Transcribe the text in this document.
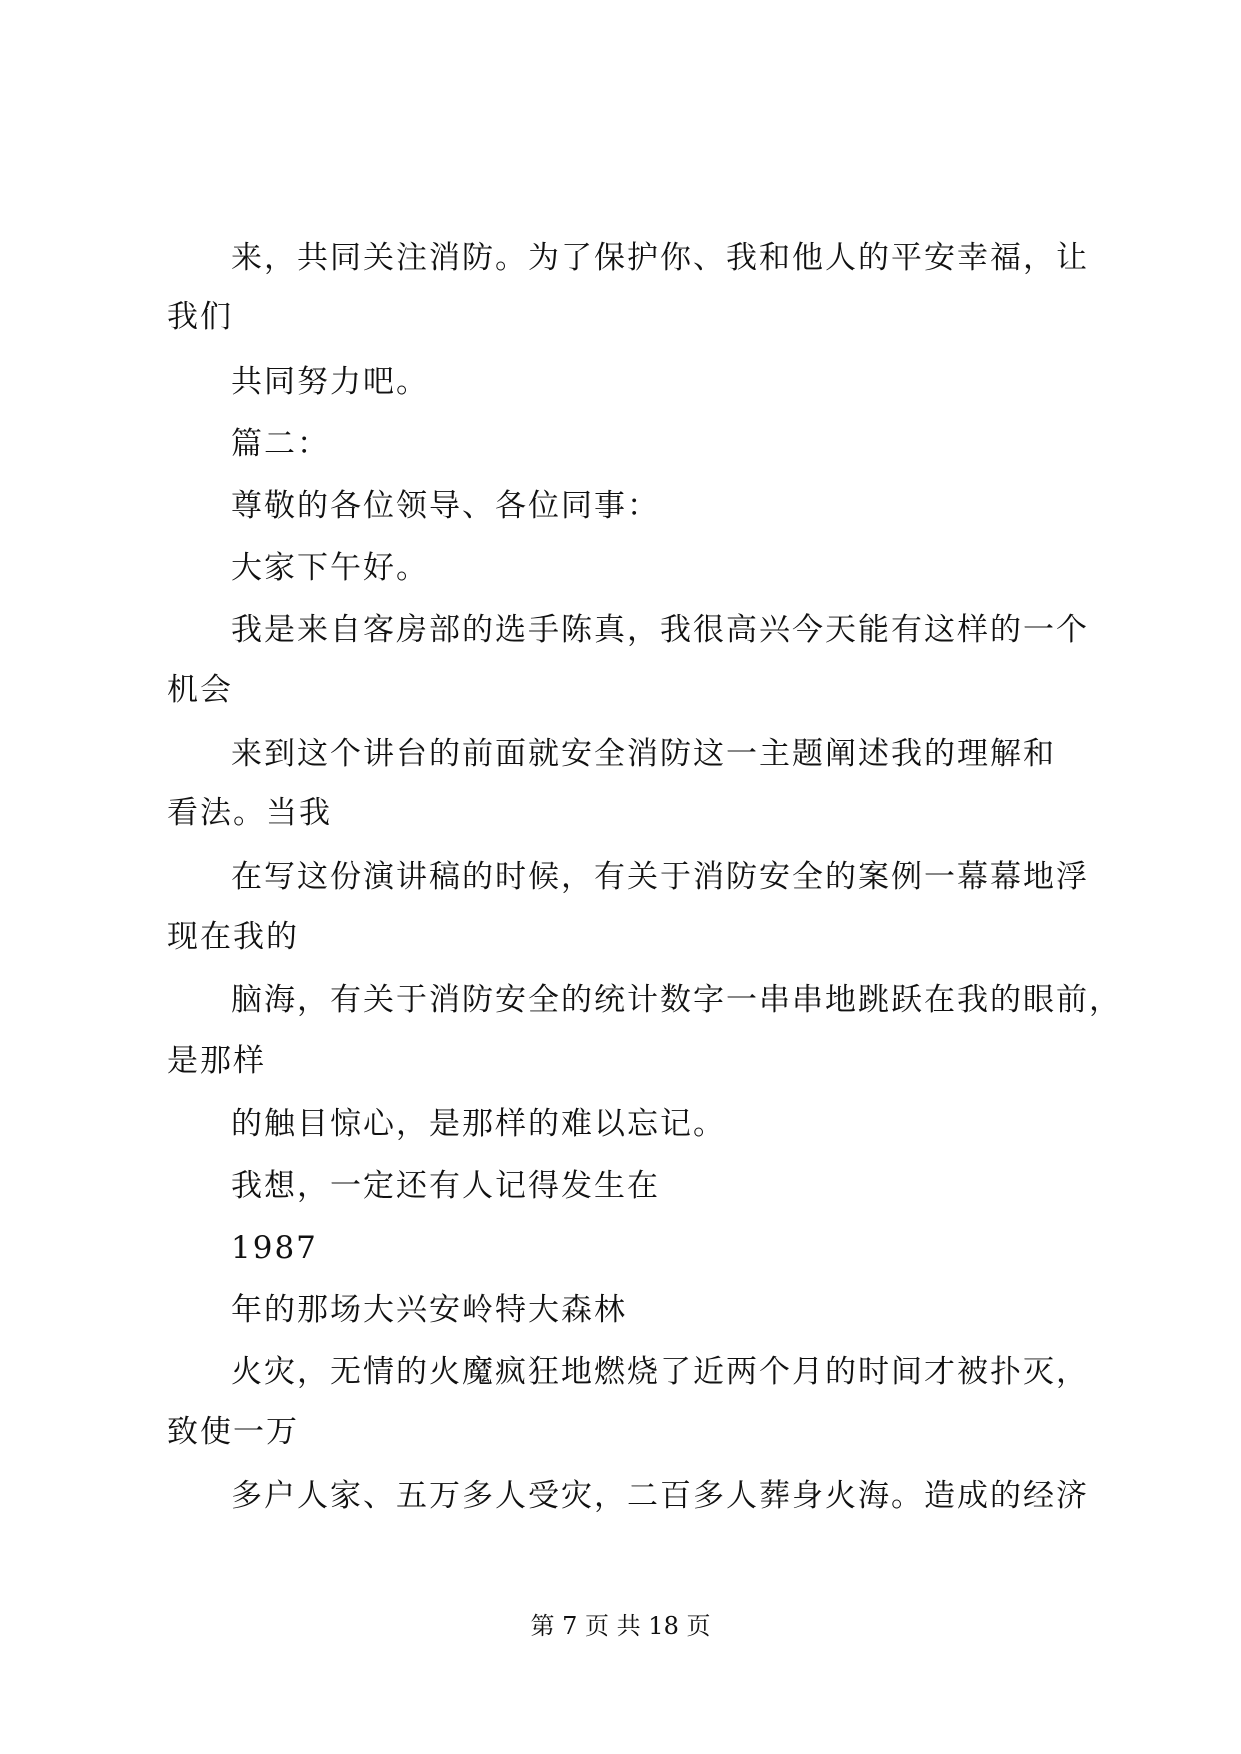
来，共同关注消防。为了保护你、我和他人的平安幸福，让
我们
共同努力吧。
篇二：
尊敬的各位领导、各位同事：
大家下午好。
我是来自客房部的选手陈真，我很高兴今天能有这样的一个
机会
来到这个讲台的前面就安全消防这一主题阐述我的理解和
看法。当我
在写这份演讲稿的时候，有关于消防安全的案例一幕幕地浮
现在我的
脑海，有关于消防安全的统计数字一串串地跳跃在我的眼前，
是那样
的触目惊心，是那样的难以忘记。
我想，一定还有人记得发生在
1987
年的那场大兴安岭特大森林
火灾，无情的火魔疯狂地燃烧了近两个月的时间才被扑灭，
致使一万
多户人家、五万多人受灾，二百多人葬身火海。造成的经济
第 7 页 共 18 页
